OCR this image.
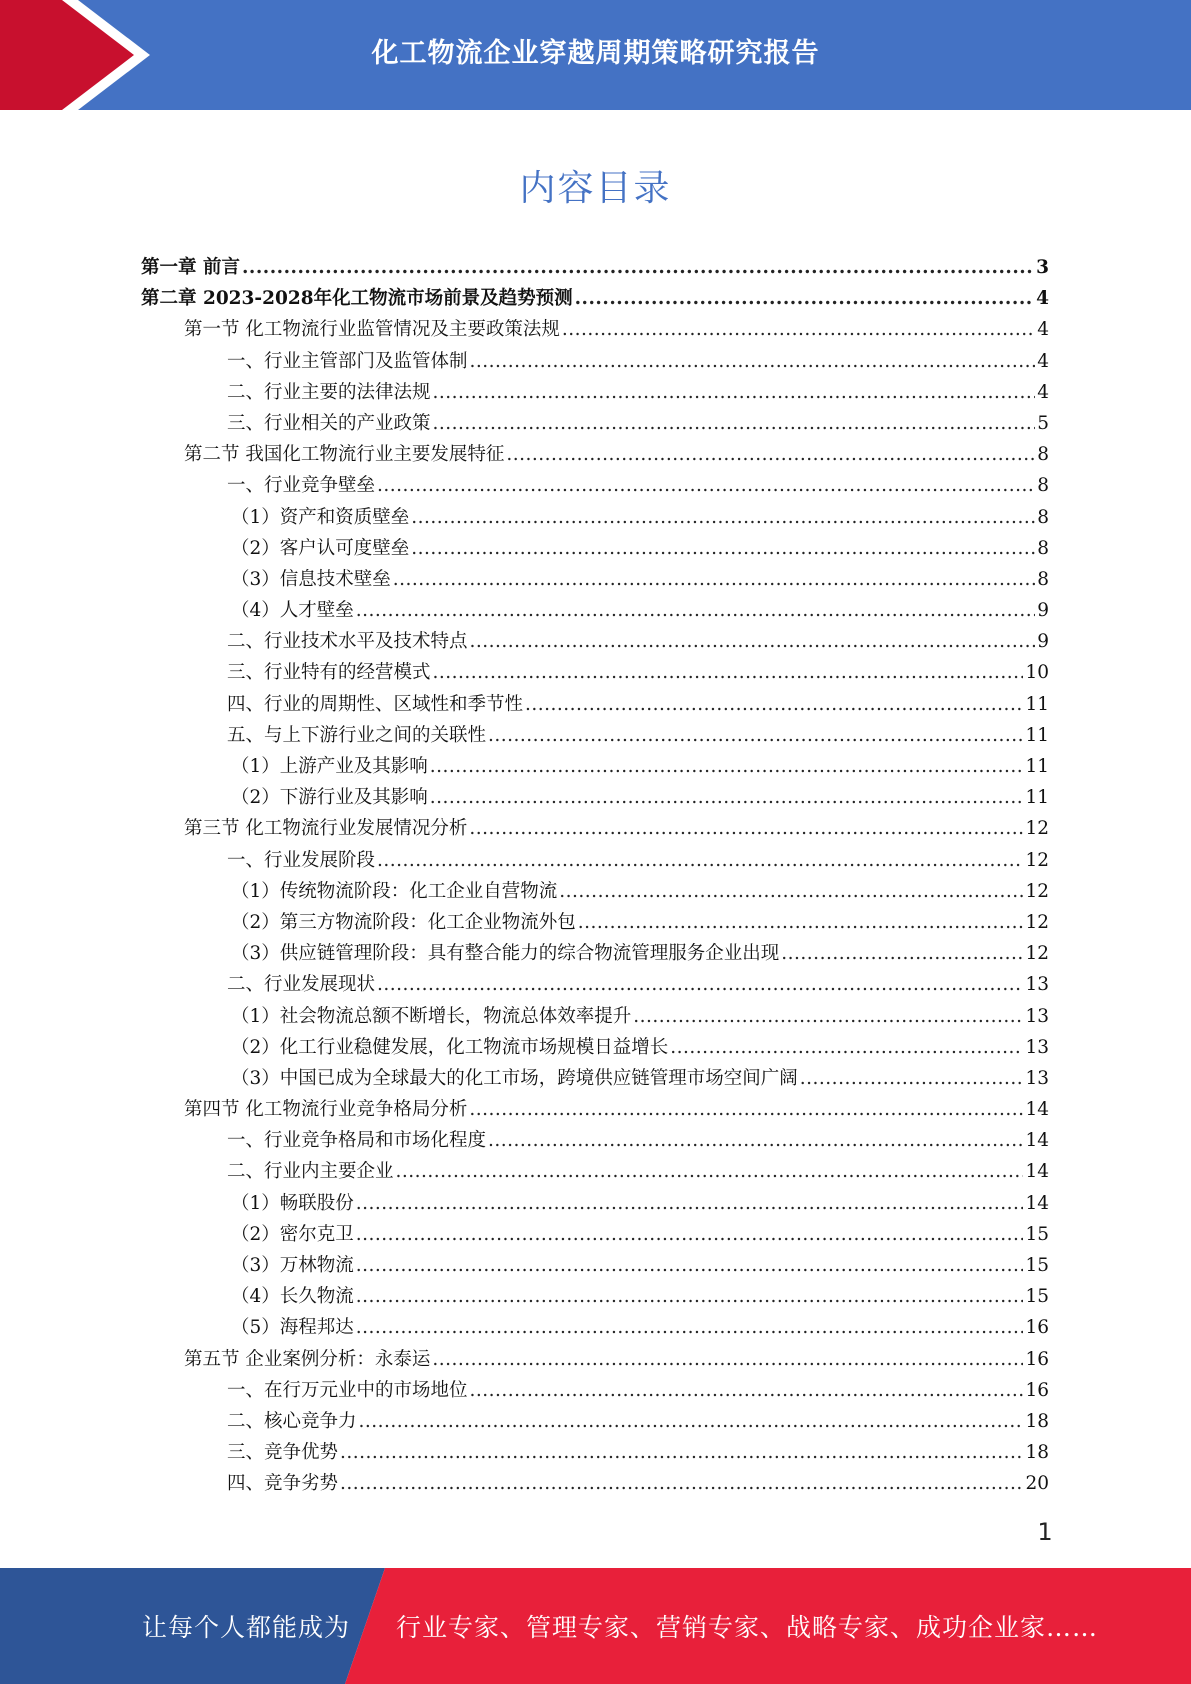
化工物流企业穿越周期策略研究报告
内容目录
第一章 前言 .....	3
第二章 2023-2028年化工物流市场前景及趋势预测 .....	4
第一节 化工物流行业监管情况及主要政策法规 .....	4
一、行业主管部门及监管体制 .....	4
二、行业主要的法律法规 .....	4
三、行业相关的产业政策 .....	5
第二节 我国化工物流行业主要发展特征 .....	8
一、行业竞争壁垒 .....	8
（1）资产和资质壁垒 .....	8
（2）客户认可度壁垒 .....	8
（3）信息技术壁垒 .....	8
（4）人才壁垒 .....	9
二、行业技术水平及技术特点 .....	9
三、行业特有的经营模式 .....	10
四、行业的周期性、区域性和季节性 .....	11
五、与上下游行业之间的关联性 .....	11
（1）上游产业及其影响 .....	11
（2）下游行业及其影响 .....	11
第三节 化工物流行业发展情况分析 .....	12
一、行业发展阶段 .....	12
（1）传统物流阶段：化工企业自营物流 .....	12
（2）第三方物流阶段：化工企业物流外包 .....	12
（3）供应链管理阶段：具有整合能力的综合物流管理服务企业出现 .....	12
二、行业发展现状 .....	13
（1）社会物流总额不断增长，物流总体效率提升 .....	13
（2）化工行业稳健发展，化工物流市场规模日益增长 .....	13
（3）中国已成为全球最大的化工市场，跨境供应链管理市场空间广阔 .....	13
第四节 化工物流行业竞争格局分析 .....	14
一、行业竞争格局和市场化程度 .....	14
二、行业内主要企业 .....	14
（1）畅联股份 .....	14
（2）密尔克卫 .....	15
（3）万林物流 .....	15
（4）长久物流 .....	15
（5）海程邦达 .....	16
第五节 企业案例分析：永泰运 .....	16
一、在行万元业中的市场地位 .....	16
二、核心竞争力 .....	18
三、竞争优势 .....	18
四、竞争劣势 .....	20
1
让每个人都能成为 行业专家、管理专家、营销专家、战略专家、成功企业家……
